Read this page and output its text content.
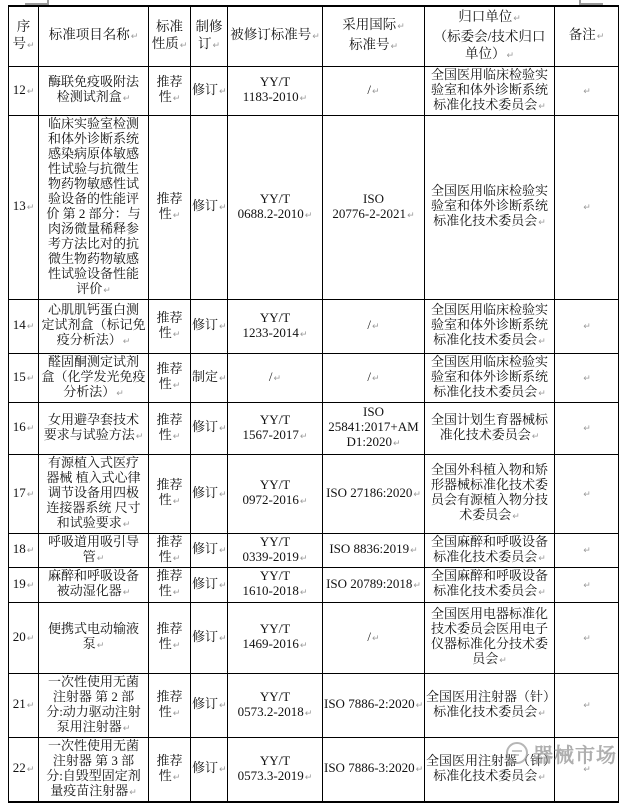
序
号↵	标准项目名称↵	标准
性质↵	制修
订↵	被修订标准号↵	采用国际↵
标准号↵	归口单位↵
（标委会/技术归口
单位）↵	备注↵
12↵	酶联免疫吸附法
检测试剂盒↵	推荐
性↵	修订↵	YY/T
1183-2010↵	/↵	全国医用临床检验实
验室和体外诊断系统
标准化技术委员会↵	↵
13↵	临床实验室检测
和体外诊断系统
感染病原体敏感
性试验与抗微生
物药物敏感性试
验设备的性能评
价 第 2 部分：与
肉汤微量稀释参
考方法比对的抗
微生物药物敏感
性试验设备性能
评价↵	推荐
性↵	修订↵	YY/T
0688.2-2010↵	ISO
20776-2-2021↵	全国医用临床检验实
验室和体外诊断系统
标准化技术委员会↵	↵
14↵	心肌肌钙蛋白测
定试剂盒（标记免
疫分析法）↵	推荐
性↵	修订↵	YY/T
1233-2014↵	/↵	全国医用临床检验实
验室和体外诊断系统
标准化技术委员会↵	↵
15↵	醛固酮测定试剂
盒（化学发光免疫
分析法）↵	推荐
性↵	制定↵	/↵	/↵	全国医用临床检验实
验室和体外诊断系统
标准化技术委员会↵	↵
16↵	女用避孕套技术
要求与试验方法↵	推荐
性↵	修订↵	YY/T
1567-2017↵	ISO
25841:2017+AM
D1:2020↵	全国计划生育器械标
准化技术委员会↵	↵
17↵	有源植入式医疗
器械 植入式心律
调节设备用四极
连接器系统 尺寸
和试验要求↵	推荐
性↵	修订↵	YY/T
0972-2016↵	ISO 27186:2020↵	全国外科植入物和矫
形器械标准化技术委
员会有源植入物分技
术委员会↵	↵
18↵	呼吸道用吸引导
管↵	推荐
性↵	修订↵	YY/T
0339-2019↵	ISO 8836:2019↵	全国麻醉和呼吸设备
标准化技术委员会↵	↵
19↵	麻醉和呼吸设备
被动湿化器↵	推荐
性↵	修订↵	YY/T
1610-2018↵	ISO 20789:2018↵	全国麻醉和呼吸设备
标准化技术委员会↵	↵
20↵	便携式电动输液
泵↵	推荐
性↵	修订↵	YY/T
1469-2016↵	/↵	全国医用电器标准化
技术委员会医用电子
仪器标准化分技术委
员会↵	↵
21↵	一次性使用无菌
注射器 第 2 部
分:动力驱动注射
泵用注射器↵	推荐
性↵	修订↵	YY/T
0573.2-2018↵	ISO 7886-2:2020↵	全国医用注射器（针）
标准化技术委员会↵	↵
22↵	一次性使用无菌
注射器 第 3 部
分:自毁型固定剂
量疫苗注射器↵	推荐
性↵	修订↵	YY/T
0573.3-2019↵	ISO 7886-3:2020↵	全国医用注射器（针）
标准化技术委员会↵	↵
器械市场
